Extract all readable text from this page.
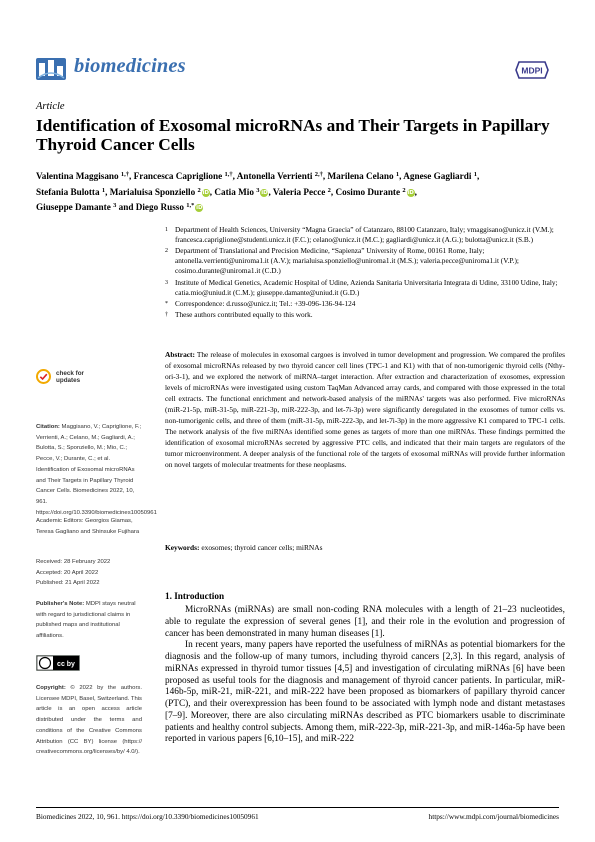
biomedicines	MDPI
Article
Identification of Exosomal microRNAs and Their Targets in Papillary Thyroid Cancer Cells
Valentina Maggisano $^{1,\dagger}$, Francesca Capriglione $^{1,\dagger}$, Antonella Verrienti $^{2,\dagger}$, Marilena Celano $^1$, Agnese Gagliardi $^1$,
Stefania Bulotta $^1$, Marialuisa Sponziello $^2$ iD, Catia Mio $^3$ iD, Valeria Pecce $^2$, Cosimo Durante $^2$ iD,
Giuseppe Damante $^3$ and Diego Russo $^{1,*}$ iD
1 Department of Health Sciences, University “Magna Graecia” of Catanzaro, 88100 Catanzaro, Italy; vmaggisano@unicz.it (V.M.); francesca.capriglione@studenti.unicz.it (F.C.); celano@unicz.it (M.C.); gagliardi@unicz.it (A.G.); bulotta@unicz.it (S.B.)
2 Department of Translational and Precision Medicine, “Sapienza” University of Rome, 00161 Rome, Italy; antonella.verrienti@uniroma1.it (A.V.); marialuisa.sponziello@uniroma1.it (M.S.); valeria.pecce@uniroma1.it (V.P.); cosimo.durante@uniroma1.it (C.D.)
3 Institute of Medical Genetics, Academic Hospital of Udine, Azienda Sanitaria Universitaria Integrata di Udine, 33100 Udine, Italy; catia.mio@uniud.it (C.M.); giuseppe.damante@uniud.it (G.D.)
* Correspondence: d.russo@unicz.it; Tel.: +39-096-136-94-124
† These authors contributed equally to this work.
Abstract: The release of molecules in exosomal cargoes is involved in tumor development and progression. We compared the profiles of exosomal microRNAs released by two thyroid cancer cell lines (TPC-1 and K1) with that of non-tumorigenic thyroid cells (Nthy-ori-3-1), and we explored the network of miRNA–target interaction. After extraction and characterization of exosomes, expression levels of microRNAs were investigated using custom TaqMan Advanced array cards, and compared with those expressed in the total cell extracts. The functional enrichment and network-based analysis of the miRNAs' targets was also performed. Five microRNAs (miR-21-5p, miR-31-5p, miR-221-3p, miR-222-3p, and let-7i-3p) were significantly deregulated in the exosomes of tumor cells vs. non-tumorigenic cells, and three of them (miR-31-5p, miR-222-3p, and let-7i-3p) in the more aggressive K1 compared to TPC-1 cells. The network analysis of the five miRNAs identified some genes as targets of more than one miRNAs. These findings permitted the identification of exosomal microRNAs secreted by aggressive PTC cells, and indicated that their main targets are regulators of the tumor microenvironment. A deeper analysis of the functional role of the targets of exosomal miRNAs will provide further information on novel targets of molecular treatments for these neoplasms.
Keywords: exosomes; thyroid cancer cells; miRNAs
check for
updates
Citation: Maggisano, V.; Capriglione, F.; Verrienti, A.; Celano, M.; Gagliardi, A.; Bulotta, S.; Sponziello, M.; Mio, C.; Pecce, V.; Durante, C.; et al. Identification of Exosomal microRNAs and Their Targets in Papillary Thyroid Cancer Cells. Biomedicines 2022, 10, 961. https://doi.org/10.3390/biomedicines10050961
Academic Editors: Georgios Giamas, Teresa Gagliano and Shinsuke Fujihara
Received: 28 February 2022
Accepted: 20 April 2022
Published: 21 April 2022
Publisher's Note: MDPI stays neutral with regard to jurisdictional claims in published maps and institutional affiliations.
cc by
Copyright: © 2022 by the authors. Licensee MDPI, Basel, Switzerland. This article is an open access article distributed under the terms and conditions of the Creative Commons Attribution (CC BY) license (https:// creativecommons.org/licenses/by/ 4.0/).
1. Introduction

MicroRNAs (miRNAs) are small non-coding RNA molecules with a length of 21–23 nucleotides, able to regulate the expression of several genes [1], and their role in the evolution and progression of cancer has been demonstrated in many human diseases [1].

In recent years, many papers have reported the usefulness of miRNAs as potential biomarkers for the diagnosis and the follow-up of many tumors, including thyroid cancers [2,3]. In this regard, analysis of miRNAs expressed in thyroid tumor tissues [4,5] and investigation of circulating miRNAs [6] have been proposed as useful tools for the diagnosis and management of thyroid cancer patients. In particular, miR-146b-5p, miR-21, miR-221, and miR-222 have been proposed as biomarkers of papillary thyroid cancer (PTC), and their overexpression has been found to be associated with lymph node and distant metastases [7–9]. Moreover, there are also circulating miRNAs described as PTC biomarkers usable to discriminate patients and healthy control subjects. Among them, miR-222-3p, miR-221-3p, and miR-146a-5p have been reported in various papers [6,10–15], and miR-222

Biomedicines 2022, 10, 961. https://doi.org/10.3390/biomedicines10050961	https://www.mdpi.com/journal/biomedicines
